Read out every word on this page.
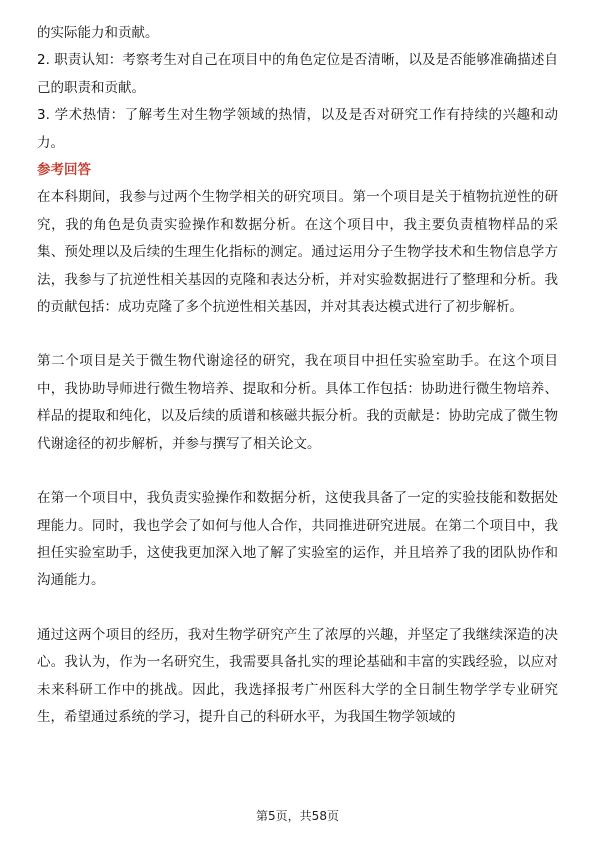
的实际能力和贡献。

2. 职责认知：考察考生对自己在项目中的角色定位是否清晰，以及是否能够准确描述自己的职责和贡献。

3. 学术热情：了解考生对生物学领域的热情，以及是否对研究工作有持续的兴趣和动力。

参考回答

在本科期间，我参与过两个生物学相关的研究项目。第一个项目是关于植物抗逆性的研究，我的角色是负责实验操作和数据分析。在这个项目中，我主要负责植物样品的采集、预处理以及后续的生理生化指标的测定。通过运用分子生物学技术和生物信息学方法，我参与了抗逆性相关基因的克隆和表达分析，并对实验数据进行了整理和分析。我的贡献包括：成功克隆了多个抗逆性相关基因，并对其表达模式进行了初步解析。

第二个项目是关于微生物代谢途径的研究，我在项目中担任实验室助手。在这个项目中，我协助导师进行微生物培养、提取和分析。具体工作包括：协助进行微生物培养、样品的提取和纯化，以及后续的质谱和核磁共振分析。我的贡献是：协助完成了微生物代谢途径的初步解析，并参与撰写了相关论文。

在第一个项目中，我负责实验操作和数据分析，这使我具备了一定的实验技能和数据处理能力。同时，我也学会了如何与他人合作，共同推进研究进展。在第二个项目中，我担任实验室助手，这使我更加深入地了解了实验室的运作，并且培养了我的团队协作和沟通能力。

通过这两个项目的经历，我对生物学研究产生了浓厚的兴趣，并坚定了我继续深造的决心。我认为，作为一名研究生，我需要具备扎实的理论基础和丰富的实践经验，以应对未来科研工作中的挑战。因此，我选择报考广州医科大学的全日制生物学学专业研究生，希望通过系统的学习，提升自己的科研水平，为我国生物学领域的

第5页，共58页
